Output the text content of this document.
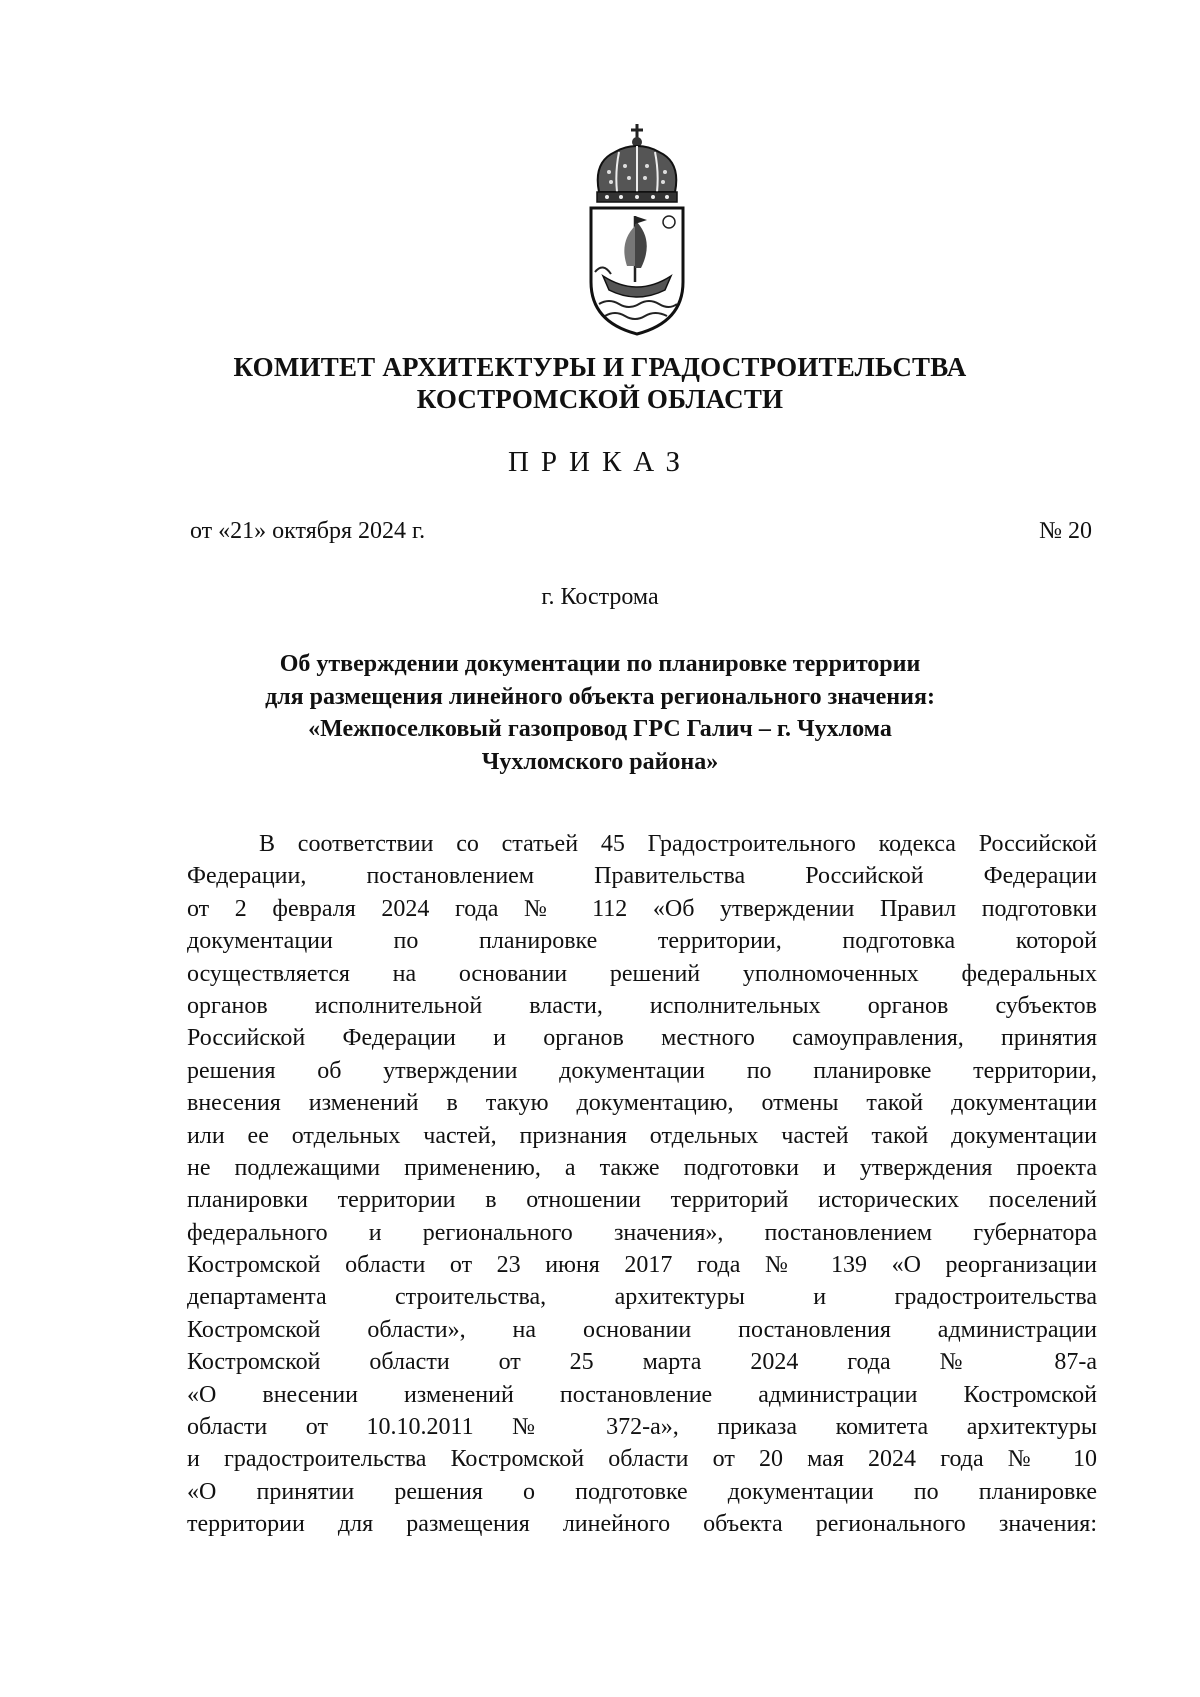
КОМИТЕТ АРХИТЕКТУРЫ И ГРАДОСТРОИТЕЛЬСТВА
КОСТРОМСКОЙ ОБЛАСТИ
ПРИКАЗ
от «21» октября 2024 г.	№ 20
г. Кострома
Об утверждении документации по планировке территории
для размещения линейного объекта регионального значения:
«Межпоселковый газопровод ГРС Галич – г. Чухлома
Чухломского района»
В соответствии со статьей 45 Градостроительного кодекса Российской
Федерации, постановлением Правительства Российской Федерации
от 2 февраля 2024 года № 112 «Об утверждении Правил подготовки
документации по планировке территории, подготовка которой
осуществляется на основании решений уполномоченных федеральных
органов исполнительной власти, исполнительных органов субъектов
Российской Федерации и органов местного самоуправления, принятия
решения об утверждении документации по планировке территории,
внесения изменений в такую документацию, отмены такой документации
или ее отдельных частей, признания отдельных частей такой документации
не подлежащими применению, а также подготовки и утверждения проекта
планировки территории в отношении территорий исторических поселений
федерального и регионального значения», постановлением губернатора
Костромской области от 23 июня 2017 года № 139 «О реорганизации
департамента строительства, архитектуры и градостроительства
Костромской области», на основании постановления администрации
Костромской области от 25 марта 2024 года № 87-а
«О внесении изменений постановление администрации Костромской
области от 10.10.2011 № 372-а», приказа комитета архитектуры
и градостроительства Костромской области от 20 мая 2024 года № 10
«О принятии решения о подготовке документации по планировке
территории для размещения линейного объекта регионального значения:
